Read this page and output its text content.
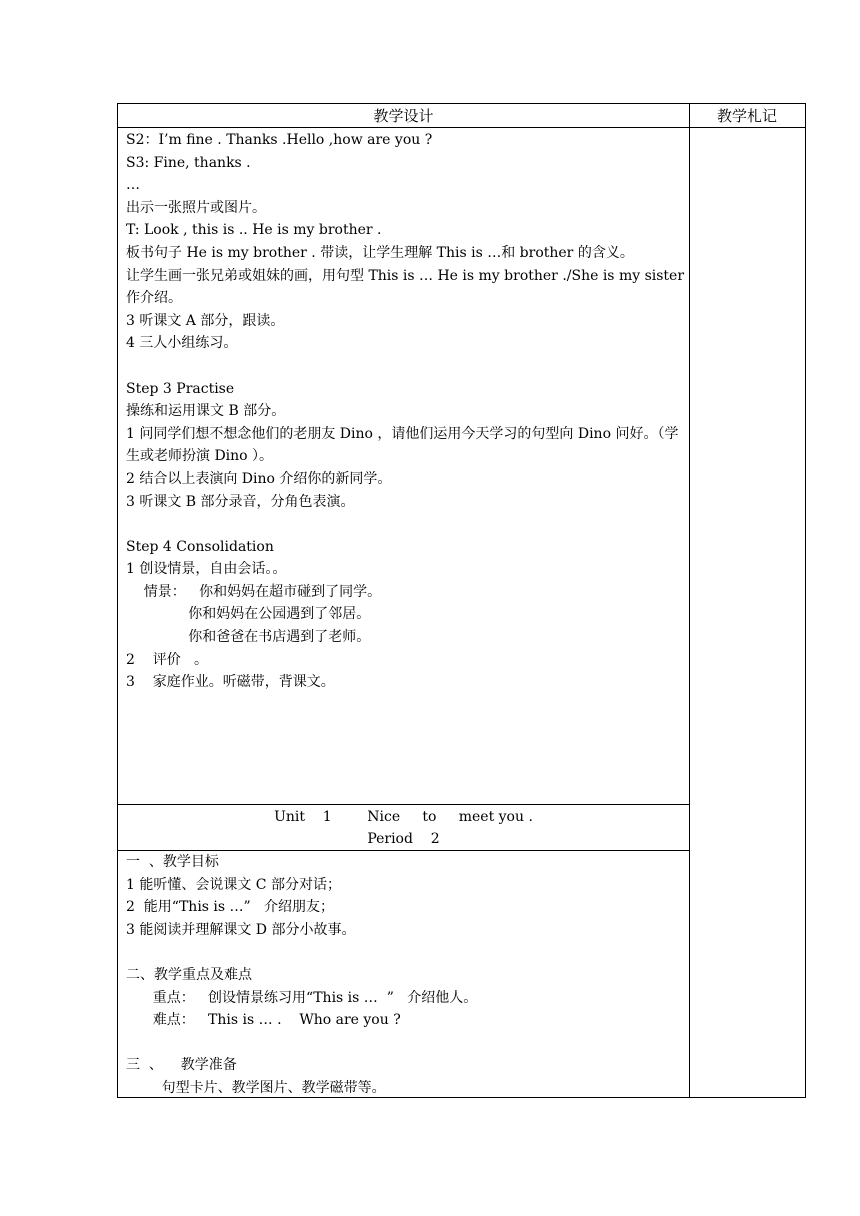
教学设计	教学札记
S2：I’m fine . Thanks .Hello ,how are you ?
S3: Fine, thanks .
…
出示一张照片或图片。
T: Look , this is .. He is my brother .
板书句子 He is my brother . 带读，让学生理解 This is …和 brother 的含义。
让学生画一张兄弟或姐妹的画，用句型 This is … He is my brother ./She is my sister 作介绍。
3 听课文 A 部分，跟读。
4 三人小组练习。
Step 3 Practise
操练和运用课文 B 部分。
1 问同学们想不想念他们的老朋友 Dino ，请他们运用今天学习的句型向 Dino 问好。（学生或老师扮演 Dino ）。
2 结合以上表演向 Dino 介绍你的新同学。
3 听课文 B 部分录音，分角色表演。
Step 4 Consolidation
1 创设情景，自由会话。。
情景：   你和妈妈在超市碰到了同学。
你和妈妈在公园遇到了邻居。
你和爸爸在书店遇到了老师。
2    评价   。
3    家庭作业。听磁带，背课文。
Unit    1        Nice     to     meet you .
Period    2
一  、教学目标
1 能听懂、会说课文 C 部分对话；
2  能用“This is …”   介绍朋友；
3 能阅读并理解课文 D 部分小故事。
二、教学重点及难点
重点：   创设情景练习用“This is …  ”   介绍他人。
难点：   This is … .    Who are you ?
三  、    教学准备
句型卡片、教学图片、教学磁带等。
